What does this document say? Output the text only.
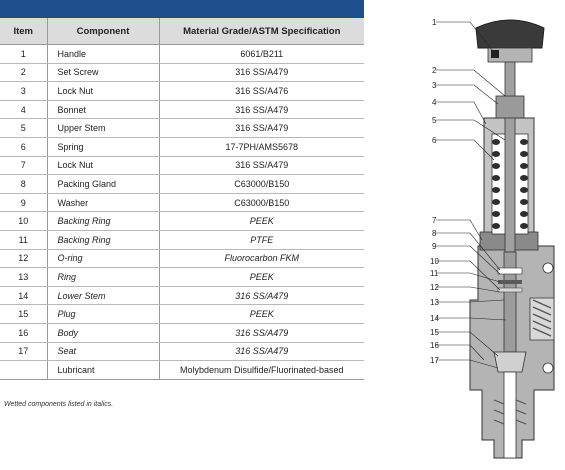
Item	Component	Material Grade/ASTM Specification
1	Handle	6061/B211
2	Set Screw	316 SS/A479
3	Lock Nut	316 SS/A476
4	Bonnet	316 SS/A479
5	Upper Stem	316 SS/A479
6	Spring	17-7PH/AMS5678
7	Lock Nut	316 SS/A479
8	Packing Gland	C63000/B150
9	Washer	C63000/B150
10	Backing Ring	PEEK
11	Backing Ring	PTFE
12	O-ring	Fluorocarbon FKM
13	Ring	PEEK
14	Lower Stem	316 SS/A479
15	Plug	PEEK
16	Body	316 SS/A479
17	Seat	316 SS/A479
	Lubricant	Molybdenum Disulfide/Fluorinated-based
Wetted components listed in italics.
1
2
3
4
5
6
7
8
9
10
11
12
13
14
15
16
17
